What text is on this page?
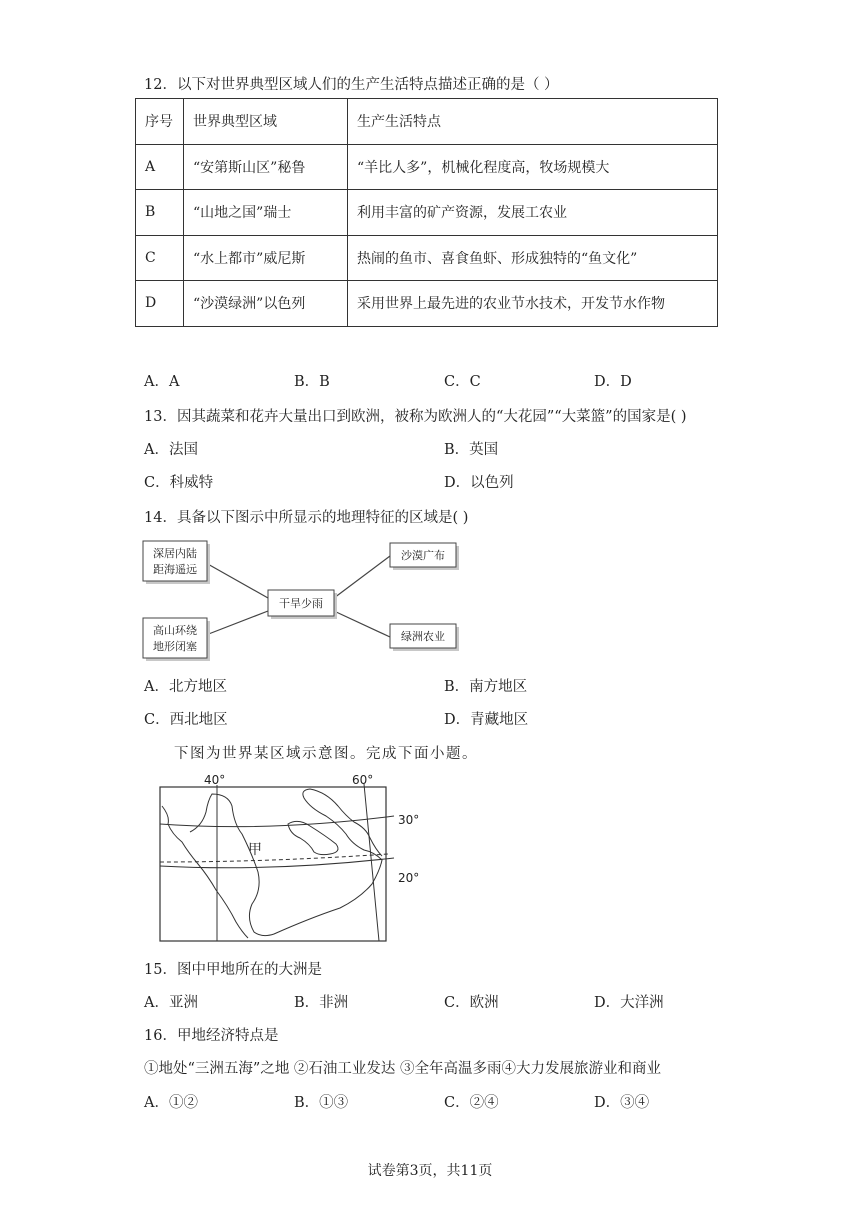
12．以下对世界典型区域人们的生产生活特点描述正确的是（ ）
序号	世界典型区域	生产生活特点
A	“安第斯山区”秘鲁	“羊比人多”，机械化程度高，牧场规模大
B	“山地之国”瑞士	利用丰富的矿产资源，发展工农业
C	“水上都市”威尼斯	热闹的鱼市、喜食鱼虾、形成独特的“鱼文化”
D	“沙漠绿洲”以色列	采用世界上最先进的农业节水技术，开发节水作物
A．A	B．B	C．C	D．D
13．因其蔬菜和花卉大量出口到欧洲，被称为欧洲人的“大花园”“大菜篮”的国家是( )
A．法国	B．英国
C．科威特	D．以色列
14．具备以下图示中所显示的地理特征的区域是( )
深居内陆
距海遥远
高山环绕
地形闭塞
干旱少雨
沙漠广布
绿洲农业
A．北方地区	B．南方地区
C．西北地区	D．青藏地区
下图为世界某区域示意图。完成下面小题。
40°	60°
30°
20°
甲
15．图中甲地所在的大洲是
A．亚洲	B．非洲	C．欧洲	D．大洋洲
16．甲地经济特点是
①地处“三洲五海”之地 ②石油工业发达 ③全年高温多雨④大力发展旅游业和商业
A．①②	B．①③	C．②④	D．③④
试卷第3页，共11页
